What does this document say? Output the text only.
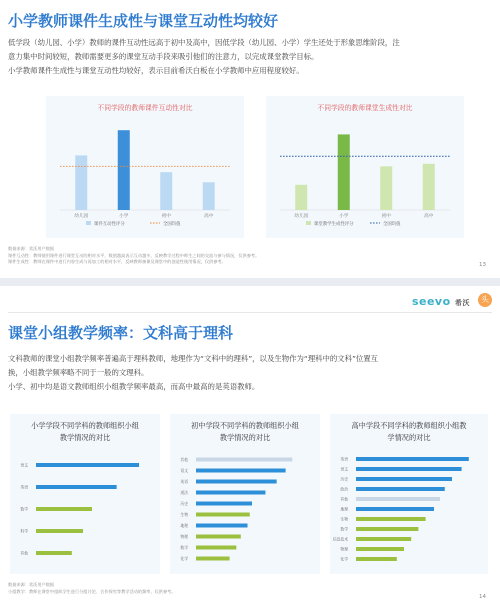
小学教师课件生成性与课堂互动性均较好
低学段（幼儿园、小学）教师的课件互动性远高于初中及高中，因低学段（幼儿园、小学）学生还处于形象思维阶段，注
意力集中时间较短，教师需要更多的课堂互动手段来吸引他们的注意力，以完成课堂教学目标。
小学教师课件生成性与课堂互动性均较好，表示目前希沃白板在小学教师中应用程度较好。
不同学段的教师课件互动性对比
幼儿园	小学	初中	高中
课件互动性评分	全国均值
不同学段的教师课堂生成性对比
幼儿园	小学	初中	高中
课堂教学生成性评分	全国均值
数据来源：希沃用户数据
课件互动性：教师使用课件进行课堂互动的相对水平，数值越高表示互动越多，反映教学过程中师生之间的交流与参与情况，仅供参考。
课件生成性：教师在课件中进行内容生成与再加工的相对水平，反映教师备课及课堂中的创造性使用情况，仅供参考。
13
seevo 希沃	头
课堂小组教学频率：文科高于理科
文科教师的课堂小组教学频率普遍高于理科教师，地理作为“文科中的理科”，以及生物作为“理科中的文科”位置互
换，小组教学频率略不同于一般的文理科。
小学、初中均是语文教师组织小组教学频率最高，而高中最高的是英语教师。
小学学段不同学科的教师组织小组教学情况的对比
语文
英语
数学
科学
其他
初中学段不同学科的教师组织小组教学情况的对比
其他
语文
英语
道法
历史
生物
地理
物理
数学
化学
高中学段不同学科的教师组织小组教学情况的对比
英语
语文
历史
政治
其他
地理
生物
数学
信息技术
物理
化学
数据来源：希沃用户数据
小组教学：教师在课堂中组织学生进行分组讨论、合作探究等教学活动的频率，仅供参考。
14
